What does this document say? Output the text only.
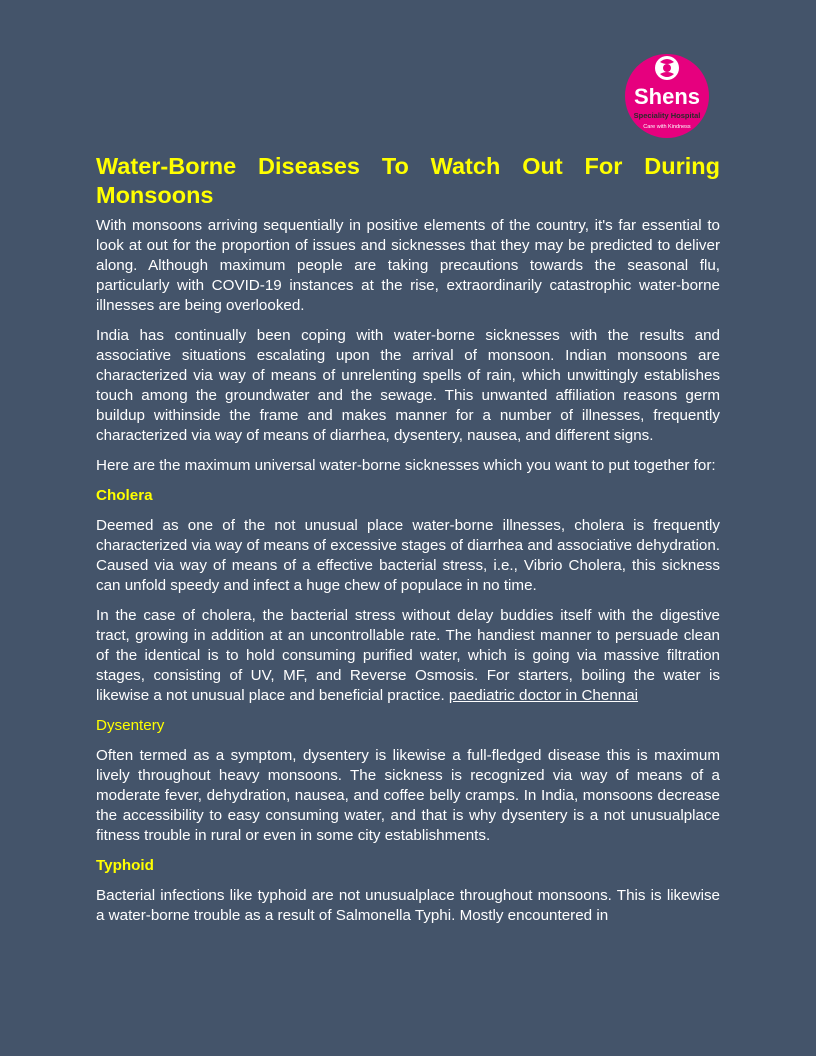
Shens
Speciality Hospital
Care with Kindness
Water-Borne Diseases To Watch Out For During
Monsoons

With monsoons arriving sequentially in positive elements of the country, it's far essential to look at out for the proportion of issues and sicknesses that they may be predicted to deliver along. Although maximum people are taking precautions towards the seasonal flu, particularly with COVID-19 instances at the rise, extraordinarily catastrophic water-borne illnesses are being overlooked.

India has continually been coping with water-borne sicknesses with the results and associative situations escalating upon the arrival of monsoon. Indian monsoons are characterized via way of means of unrelenting spells of rain, which unwittingly establishes touch among the groundwater and the sewage. This unwanted affiliation reasons germ buildup withinside the frame and makes manner for a number of illnesses, frequently characterized via way of means of diarrhea, dysentery, nausea, and different signs.

Here are the maximum universal water-borne sicknesses which you want to put together for:

Cholera

Deemed as one of the not unusual place water-borne illnesses, cholera is frequently characterized via way of means of excessive stages of diarrhea and associative dehydration. Caused via way of means of a effective bacterial stress, i.e., Vibrio Cholera, this sickness can unfold speedy and infect a huge chew of populace in no time.

In the case of cholera, the bacterial stress without delay buddies itself with the digestive tract, growing in addition at an uncontrollable rate. The handiest manner to persuade clean of the identical is to hold consuming purified water, which is going via massive filtration stages, consisting of UV, MF, and Reverse Osmosis. For starters, boiling the water is likewise a not unusual place and beneficial practice. paediatric doctor in Chennai

Dysentery

Often termed as a symptom, dysentery is likewise a full-fledged disease this is maximum lively throughout heavy monsoons. The sickness is recognized via way of means of a moderate fever, dehydration, nausea, and coffee belly cramps. In India, monsoons decrease the accessibility to easy consuming water, and that is why dysentery is a not unusualplace fitness trouble in rural or even in some city establishments.

Typhoid

Bacterial infections like typhoid are not unusualplace throughout monsoons. This is likewise a water-borne trouble as a result of Salmonella Typhi. Mostly encountered in
